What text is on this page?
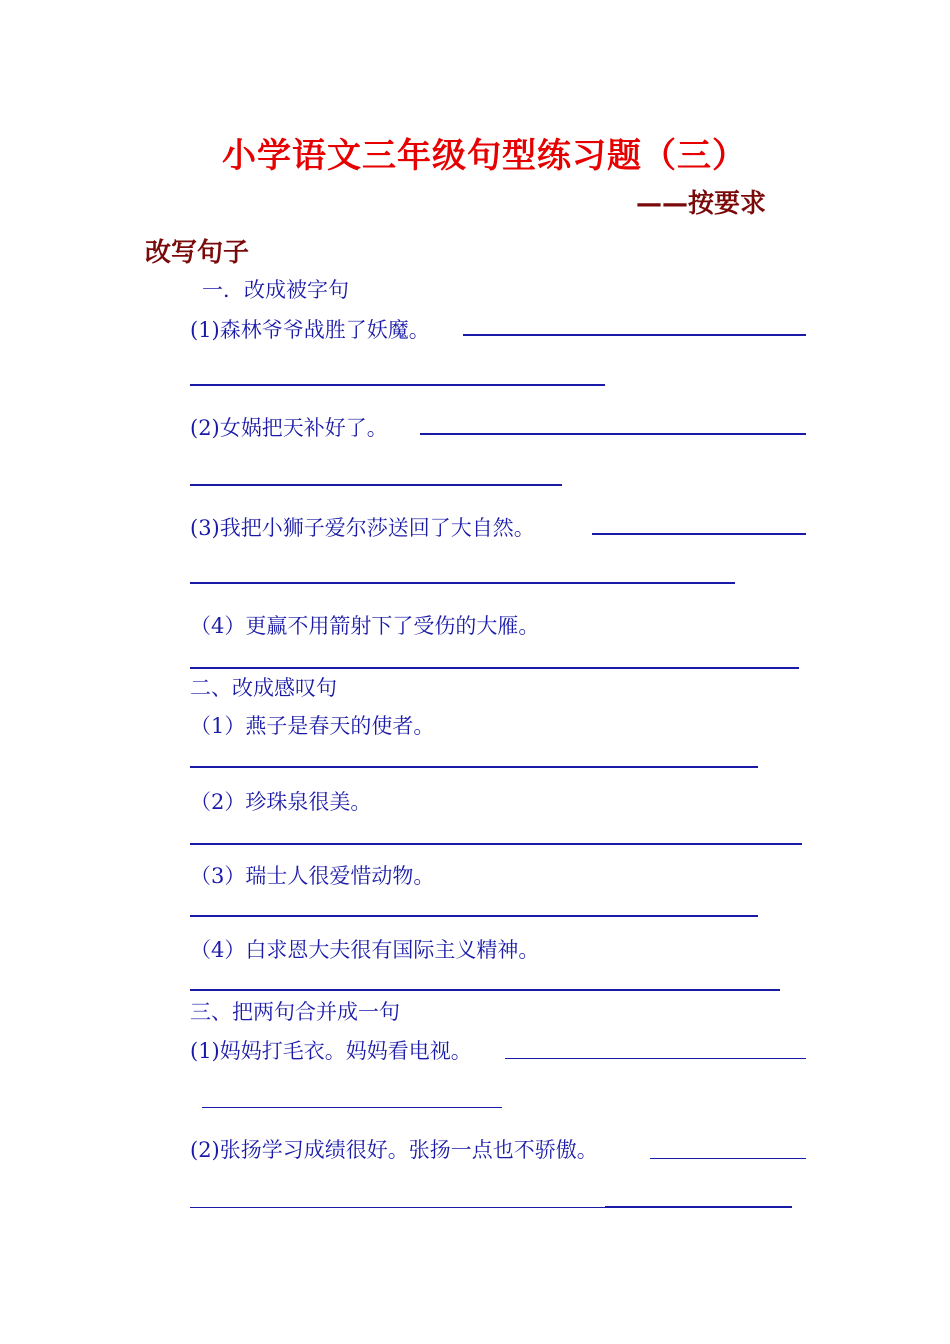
小学语文三年级句型练习题（三）
——按要求
改写句子
一．改成被字句
(1)森林爷爷战胜了妖魔。
(2)女娲把天补好了。
(3)我把小狮子爱尔莎送回了大自然。
（4）更赢不用箭射下了受伤的大雁。
二、改成感叹句
（1）燕子是春天的使者。
（2）珍珠泉很美。
（3）瑞士人很爱惜动物。
（4）白求恩大夫很有国际主义精神。
三、把两句合并成一句
(1)妈妈打毛衣。妈妈看电视。
(2)张扬学习成绩很好。张扬一点也不骄傲。
